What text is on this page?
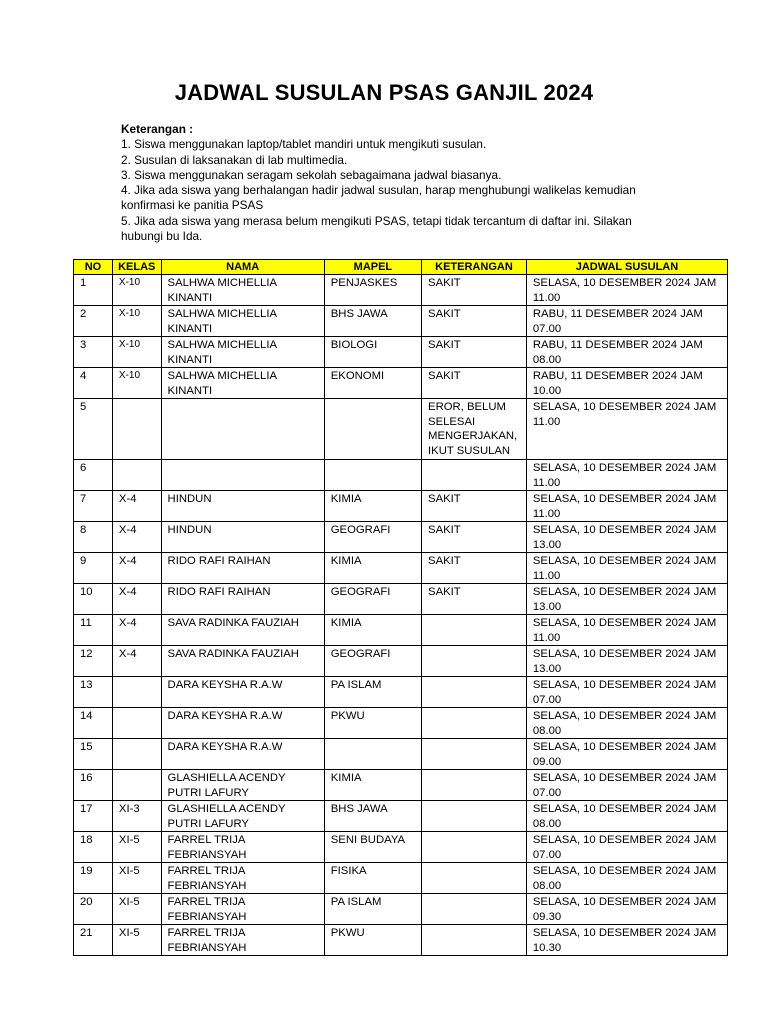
JADWAL SUSULAN PSAS GANJIL 2024
Keterangan :
1. Siswa menggunakan laptop/tablet mandiri untuk mengikuti susulan.
2. Susulan di laksanakan di lab multimedia.
3. Siswa menggunakan seragam sekolah sebagaimana jadwal biasanya.
4. Jika ada siswa yang berhalangan hadir jadwal susulan, harap menghubungi walikelas kemudian konfirmasi ke panitia PSAS
5. Jika ada siswa yang merasa belum mengikuti PSAS, tetapi tidak tercantum di daftar ini. Silakan hubungi bu Ida.
NO	KELAS	NAMA	MAPEL	KETERANGAN	JADWAL SUSULAN
1	X-10	SALHWA MICHELLIA KINANTI	PENJASKES	SAKIT	SELASA, 10 DESEMBER 2024 JAM 11.00
2	X-10	SALHWA MICHELLIA KINANTI	BHS JAWA	SAKIT	RABU, 11 DESEMBER 2024 JAM 07.00
3	X-10	SALHWA MICHELLIA KINANTI	BIOLOGI	SAKIT	RABU, 11 DESEMBER 2024 JAM 08.00
4	X-10	SALHWA MICHELLIA KINANTI	EKONOMI	SAKIT	RABU, 11 DESEMBER 2024 JAM 10.00
5				EROR, BELUM SELESAI MENGERJAKAN, IKUT SUSULAN	SELASA, 10 DESEMBER 2024 JAM 11.00
6					SELASA, 10 DESEMBER 2024 JAM 11.00
7	X-4	HINDUN	KIMIA	SAKIT	SELASA, 10 DESEMBER 2024 JAM 11.00
8	X-4	HINDUN	GEOGRAFI	SAKIT	SELASA, 10 DESEMBER 2024 JAM 13.00
9	X-4	RIDO RAFI RAIHAN	KIMIA	SAKIT	SELASA, 10 DESEMBER 2024 JAM 11.00
10	X-4	RIDO RAFI RAIHAN	GEOGRAFI	SAKIT	SELASA, 10 DESEMBER 2024 JAM 13.00
11	X-4	SAVA RADINKA FAUZIAH	KIMIA		SELASA, 10 DESEMBER 2024 JAM 11.00
12	X-4	SAVA RADINKA FAUZIAH	GEOGRAFI		SELASA, 10 DESEMBER 2024 JAM 13.00
13		DARA KEYSHA R.A.W	PA ISLAM		SELASA, 10 DESEMBER 2024 JAM 07.00
14		DARA KEYSHA R.A.W	PKWU		SELASA, 10 DESEMBER 2024 JAM 08.00
15		DARA KEYSHA R.A.W			SELASA, 10 DESEMBER 2024 JAM 09.00
16		GLASHIELLA ACENDY PUTRI LAFURY	KIMIA		SELASA, 10 DESEMBER 2024 JAM 07.00
17	XI-3	GLASHIELLA ACENDY PUTRI LAFURY	BHS JAWA		SELASA, 10 DESEMBER 2024 JAM 08.00
18	XI-5	FARREL TRIJA FEBRIANSYAH	SENI BUDAYA		SELASA, 10 DESEMBER 2024 JAM 07.00
19	XI-5	FARREL TRIJA FEBRIANSYAH	FISIKA		SELASA, 10 DESEMBER 2024 JAM 08.00
20	XI-5	FARREL TRIJA FEBRIANSYAH	PA ISLAM		SELASA, 10 DESEMBER 2024 JAM 09.30
21	XI-5	FARREL TRIJA FEBRIANSYAH	PKWU		SELASA, 10 DESEMBER 2024 JAM 10.30
